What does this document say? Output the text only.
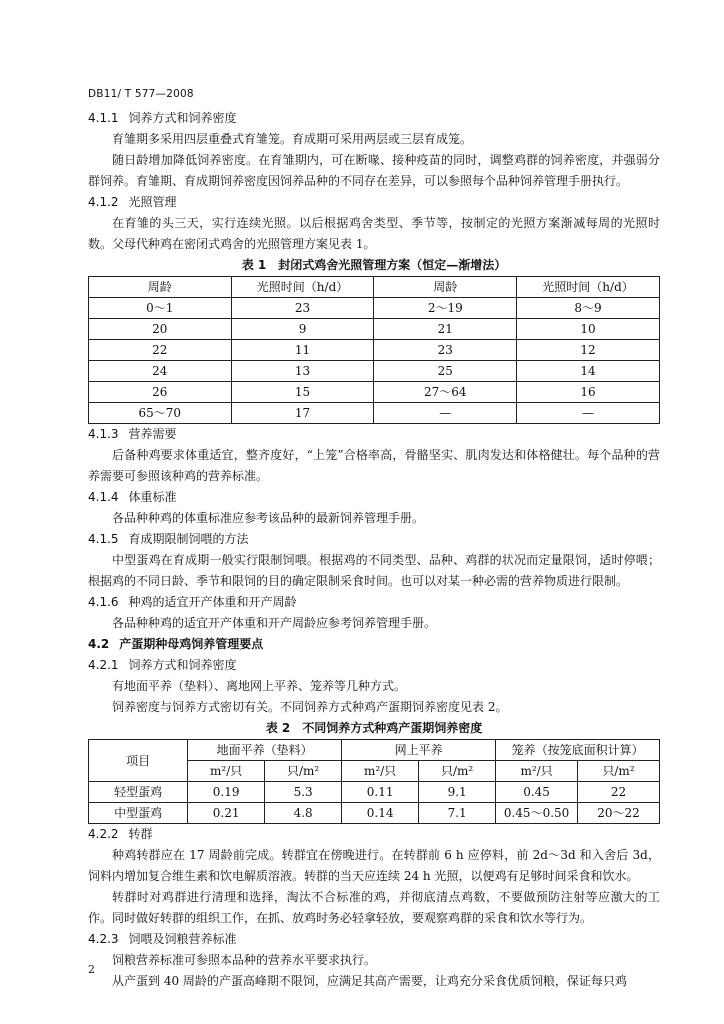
DB11/ T 577—2008
4.1.1 饲养方式和饲养密度

育雏期多采用四层重叠式育雏笼。育成期可采用两层或三层育成笼。

随日龄增加降低饲养密度。在育雏期内，可在断喙、接种疫苗的同时，调整鸡群的饲养密度，并强弱分群饲养。育雏期、育成期饲养密度因饲养品种的不同存在差异，可以参照每个品种饲养管理手册执行。

4.1.2 光照管理

在育雏的头三天，实行连续光照。以后根据鸡舍类型、季节等，按制定的光照方案渐减每周的光照时数。父母代种鸡在密闭式鸡舍的光照管理方案见表 1。

表 1　封闭式鸡舍光照管理方案（恒定—渐增法）
周龄	光照时间（h/d）	周龄	光照时间（h/d）
0～1	23	2～19	8～9
20	9	21	10
22	11	23	12
24	13	25	14
26	15	27～64	16
65～70	17	—	—
4.1.3 营养需要

后备种鸡要求体重适宜，整齐度好，“上笼”合格率高，骨骼坚实、肌肉发达和体格健壮。每个品种的营养需要可参照该种鸡的营养标准。

4.1.4 体重标准

各品种种鸡的体重标准应参考该品种的最新饲养管理手册。

4.1.5 育成期限制饲喂的方法

中型蛋鸡在育成期一般实行限制饲喂。根据鸡的不同类型、品种、鸡群的状况而定量限饲，适时停喂；根据鸡的不同日龄、季节和限饲的目的确定限制采食时间。也可以对某一种必需的营养物质进行限制。

4.1.6 种鸡的适宜开产体重和开产周龄

各品种种鸡的适宜开产体重和开产周龄应参考饲养管理手册。

4.2 产蛋期种母鸡饲养管理要点
4.2.1 饲养方式和饲养密度

有地面平养（垫料）、离地网上平养、笼养等几种方式。

饲养密度与饲养方式密切有关。不同饲养方式种鸡产蛋期饲养密度见表 2。

表 2　不同饲养方式种鸡产蛋期饲养密度
项目	地面平养（垫料）		网上平养		笼养（按笼底面积计算）	
	m²/只	只/m²	m²/只	只/m²	m²/只	只/m²
轻型蛋鸡	0.19	5.3	0.11	9.1	0.45	22
中型蛋鸡	0.21	4.8	0.14	7.1	0.45～0.50	20～22
4.2.2 转群

种鸡转群应在 17 周龄前完成。转群宜在傍晚进行。在转群前 6 h 应停料，前 2d～3d 和入舍后 3d，饲料内增加复合维生素和饮电解质溶液。转群的当天应连续 24 h 光照，以便鸡有足够时间采食和饮水。

转群时对鸡群进行清理和选择，淘汰不合标准的鸡，并彻底清点鸡数，不要做预防注射等应激大的工作。同时做好转群的组织工作，在抓、放鸡时务必轻拿轻放，要观察鸡群的采食和饮水等行为。

4.2.3 饲喂及饲粮营养标准

饲粮营养标准可参照本品种的营养水平要求执行。

从产蛋到 40 周龄的产蛋高峰期不限饲，应满足其高产需要，让鸡充分采食优质饲粮，保证每只鸡

2
